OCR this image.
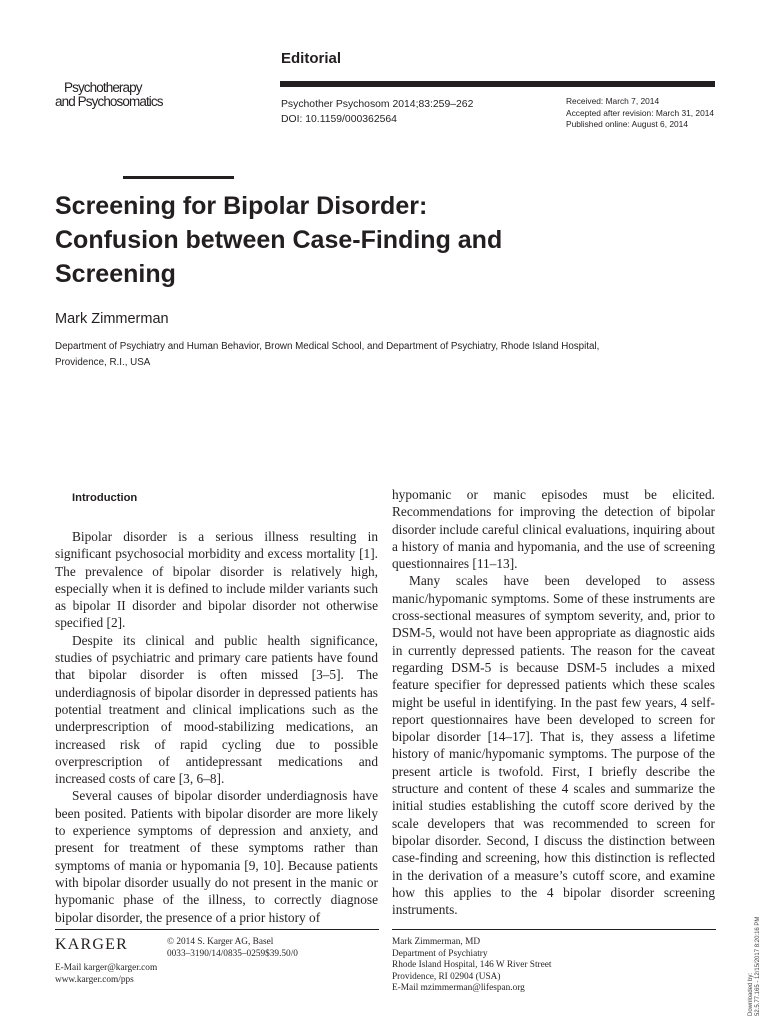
Editorial
Psychotherapy
and Psychosomatics	Psychother Psychosom 2014;83:259–262
DOI: 10.1159/000362564
Received: March 7, 2014
Accepted after revision: March 31, 2014
Published online: August 6, 2014
Screening for Bipolar Disorder:
Confusion between Case-Finding and
Screening
Mark Zimmerman
Department of Psychiatry and Human Behavior, Brown Medical School, and Department of Psychiatry, Rhode Island Hospital, Providence, R.I., USA
Introduction

Bipolar disorder is a serious illness resulting in significant psychosocial morbidity and excess mortality [1]. The prevalence of bipolar disorder is relatively high, especially when it is defined to include milder variants such as bipolar II disorder and bipolar disorder not otherwise specified [2].

Despite its clinical and public health significance, studies of psychiatric and primary care patients have found that bipolar disorder is often missed [3–5]. The underdiagnosis of bipolar disorder in depressed patients has potential treatment and clinical implications such as the underprescription of mood-stabilizing medications, an increased risk of rapid cycling due to possible overprescription of antidepressant medications and increased costs of care [3, 6–8].

Several causes of bipolar disorder underdiagnosis have been posited. Patients with bipolar disorder are more likely to experience symptoms of depression and anxiety, and present for treatment of these symptoms rather than symptoms of mania or hypomania [9, 10]. Because patients with bipolar disorder usually do not present in the manic or hypomanic phase of the illness, to correctly diagnose bipolar disorder, the presence of a prior history of

hypomanic or manic episodes must be elicited. Recommendations for improving the detection of bipolar disorder include careful clinical evaluations, inquiring about a history of mania and hypomania, and the use of screening questionnaires [11–13].

Many scales have been developed to assess manic/hypomanic symptoms. Some of these instruments are cross-sectional measures of symptom severity, and, prior to DSM-5, would not have been appropriate as diagnostic aids in currently depressed patients. The reason for the caveat regarding DSM-5 is because DSM-5 includes a mixed feature specifier for depressed patients which these scales might be useful in identifying. In the past few years, 4 self-report questionnaires have been developed to screen for bipolar disorder [14–17]. That is, they assess a lifetime history of manic/hypomanic symptoms. The purpose of the present article is twofold. First, I briefly describe the structure and content of these 4 scales and summarize the initial studies establishing the cutoff score derived by the scale developers that was recommended to screen for bipolar disorder. Second, I discuss the distinction between case-finding and screening, how this distinction is reflected in the derivation of a measure’s cutoff score, and examine how this applies to the 4 bipolar disorder screening instruments.

KARGER
E-Mail karger@karger.com
www.karger.com/pps
© 2014 S. Karger AG, Basel
0033–3190/14/0835–0259$39.50/0
Mark Zimmerman, MD
Department of Psychiatry
Rhode Island Hospital, 146 W River Street
Providence, RI 02904 (USA)
E-Mail mzimmerman@lifespan.org	Downloaded by: 52.5.77.165 - 12/15/2017 8:20:16 PM
